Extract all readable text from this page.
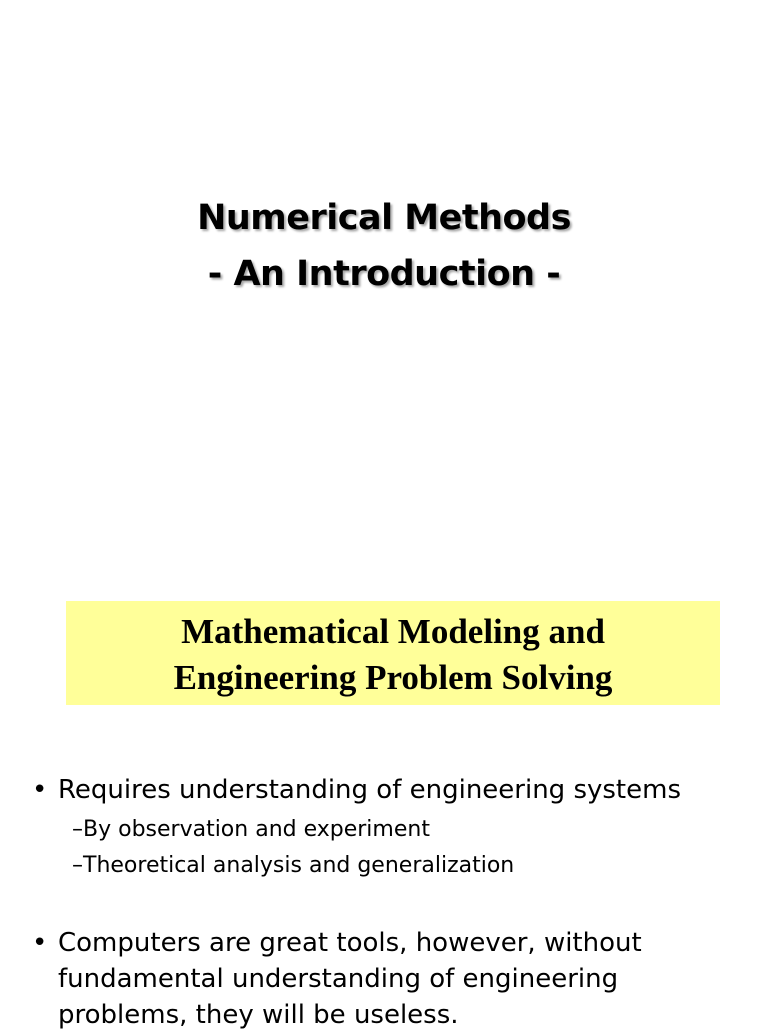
Numerical Methods
- An Introduction -
Mathematical Modeling and
Engineering Problem Solving
• Requires understanding of engineering systems
–By observation and experiment
–Theoretical analysis and generalization
• Computers are great tools, however, without fundamental understanding of engineering problems, they will be useless.
